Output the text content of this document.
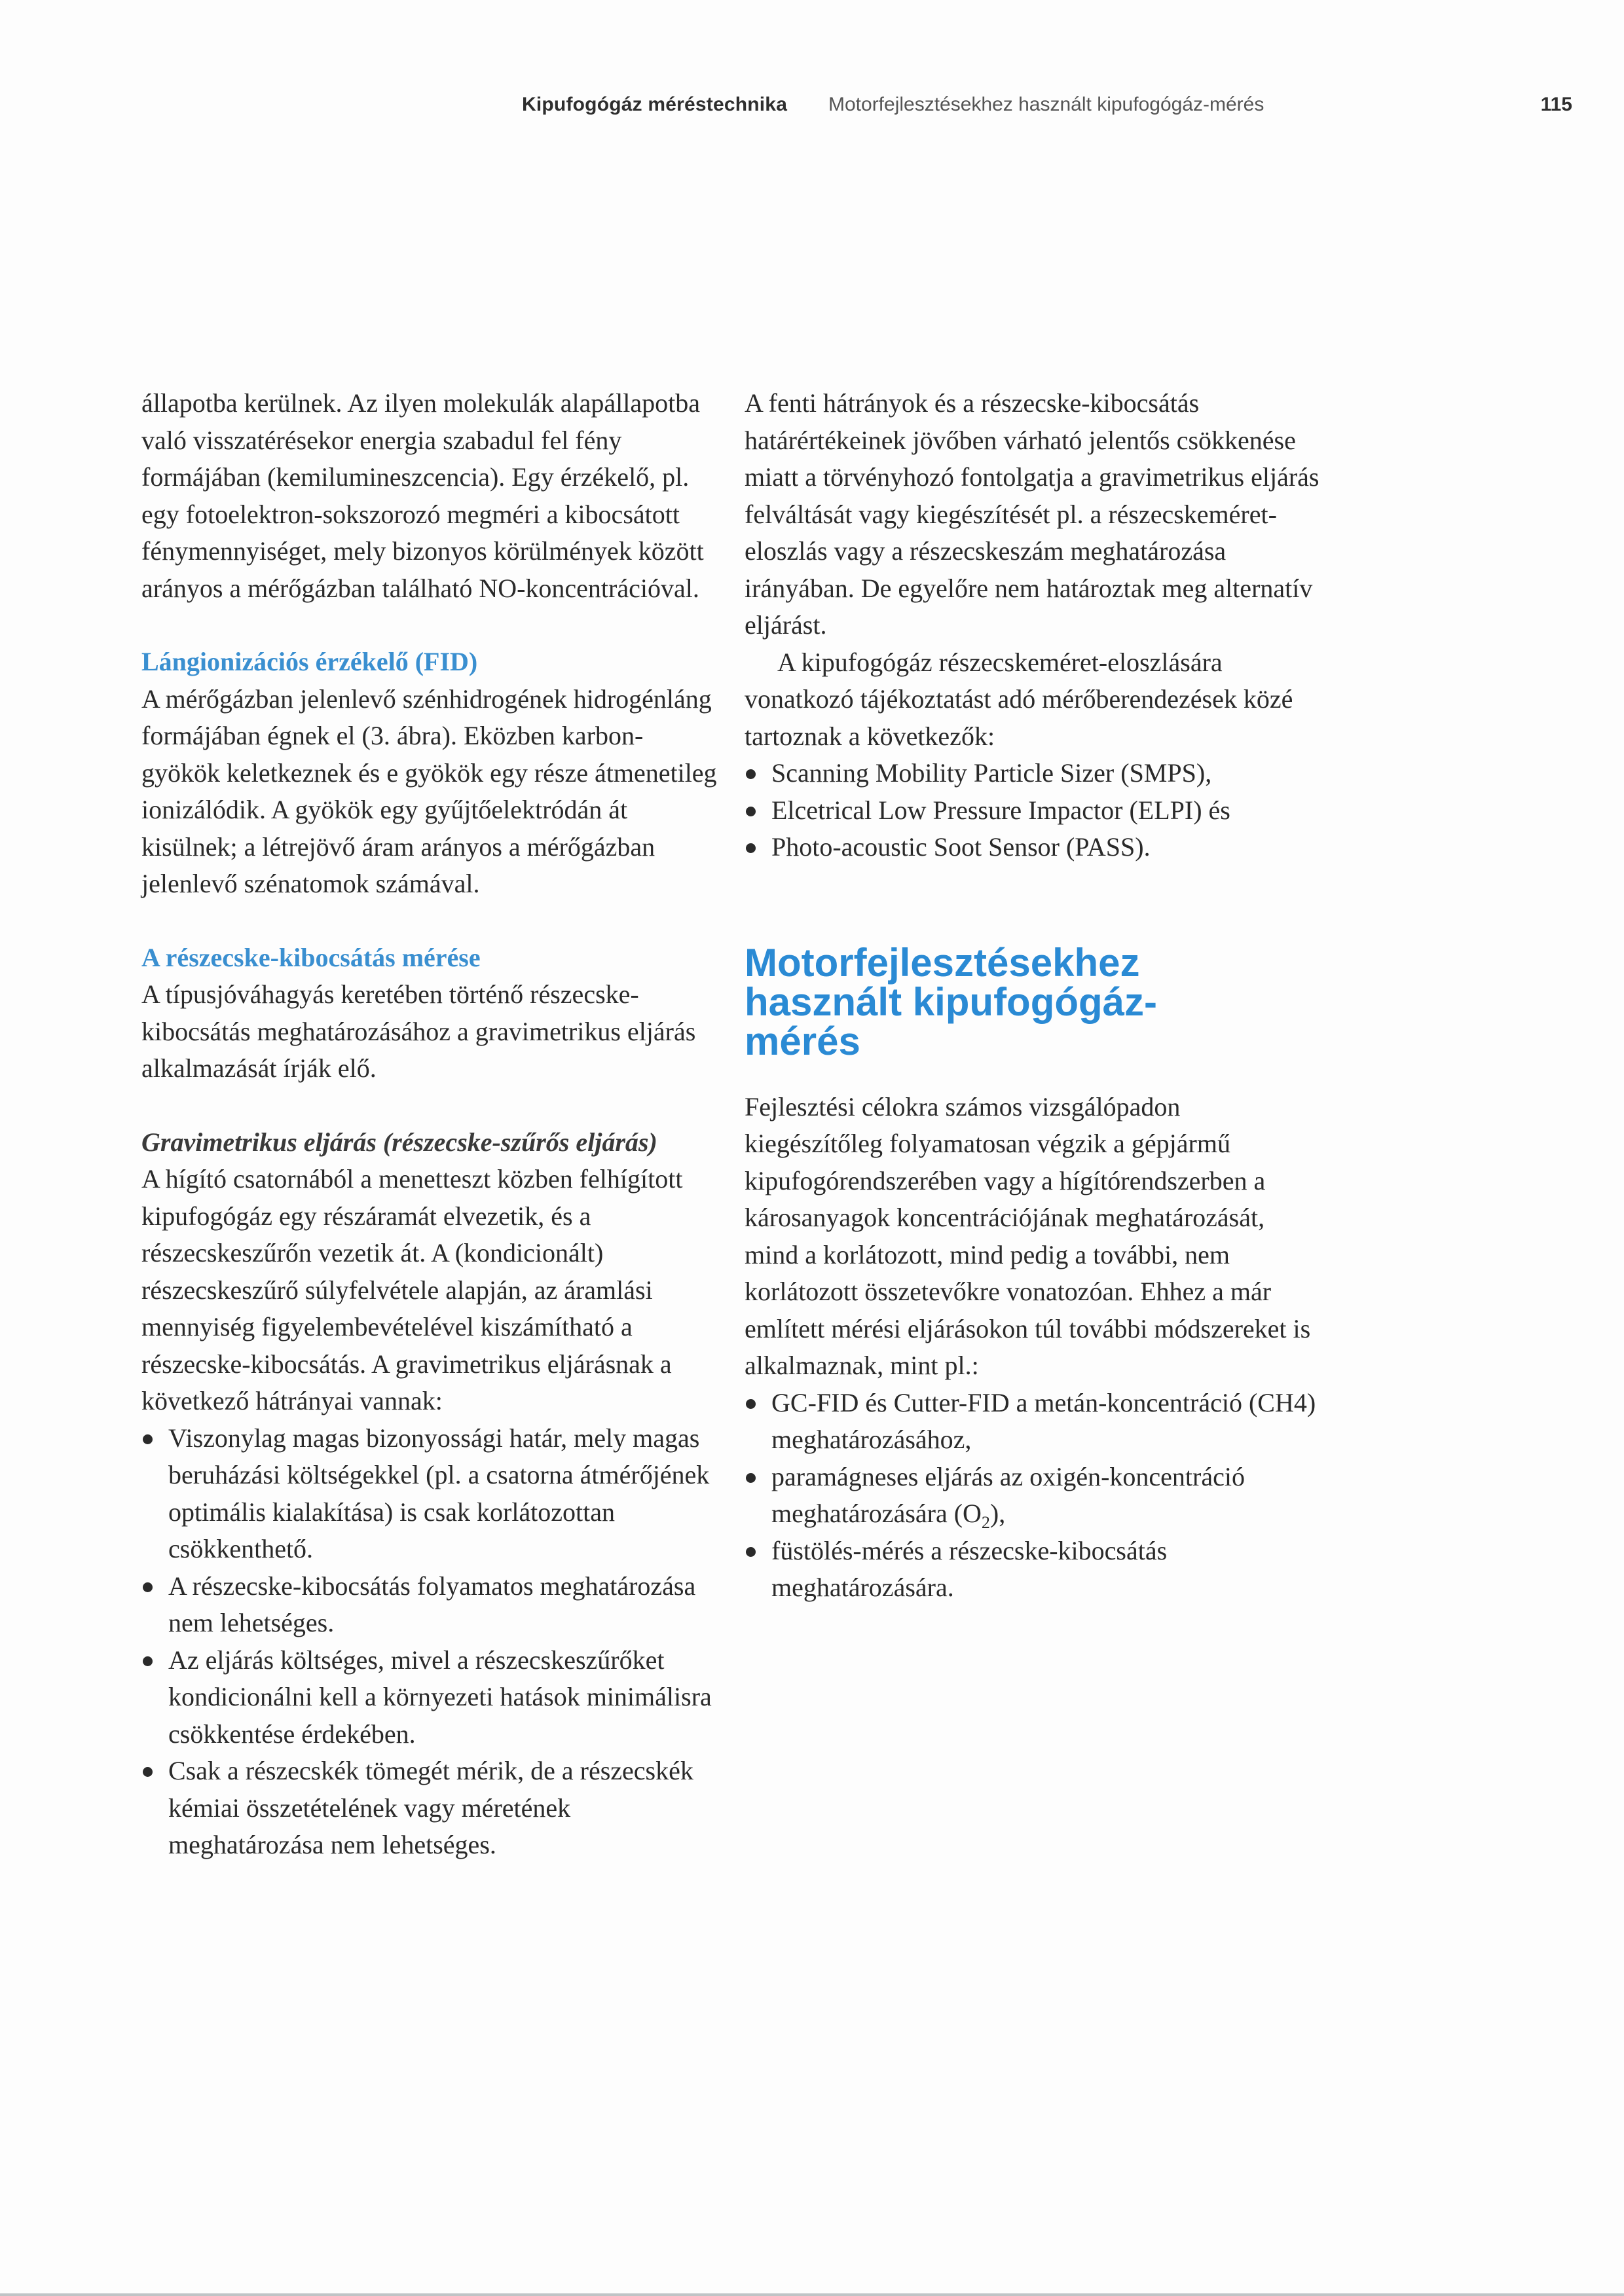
Kipufogógáz méréstechnika Motorfejlesztésekhez használt kipufogógáz-mérés	115

állapotba kerülnek. Az ilyen molekulák alapállapotba való visszatérésekor energia szabadul fel fény formájában (kemilumineszcencia). Egy érzékelő, pl. egy fotoelektron-sokszorozó megméri a kibocsátott fénymennyiséget, mely bizonyos körülmények között arányos a mérőgázban található NO-koncentrációval.

Lángionizációs érzékelő (FID)

A mérőgázban jelenlevő szénhidrogének hidrogénláng formájában égnek el (3. ábra). Eközben karbon-gyökök keletkeznek és e gyökök egy része átmenetileg ionizálódik. A gyökök egy gyűjtőelektródán át kisülnek; a létrejövő áram arányos a mérőgázban jelenlevő szénatomok számával.

A részecske-kibocsátás mérése

A típusjóváhagyás keretében történő részecske-kibocsátás meghatározásához a gravimetrikus eljárás alkalmazását írják elő.

Gravimetrikus eljárás (részecske-szűrős eljárás)

A hígító csatornából a menetteszt közben felhígított kipufogógáz egy részáramát elvezetik, és a részecskeszűrőn vezetik át. A (kondicionált) részecskeszűrő súlyfelvétele alapján, az áramlási mennyiség figyelembevételével kiszámítható a részecske-kibocsátás. A gravimetrikus eljárásnak a következő hátrányai vannak:

Viszonylag magas bizonyossági határ, mely magas beruházási költségekkel (pl. a csatorna átmérőjének optimális kialakítása) is csak korlátozottan csökkenthető.
A részecske-kibocsátás folyamatos meghatározása nem lehetséges.
Az eljárás költséges, mivel a részecskeszűrőket kondicionálni kell a környezeti hatások minimálisra csökkentése érdekében.
Csak a részecskék tömegét mérik, de a részecskék kémiai összetételének vagy méretének meghatározása nem lehetséges.

A fenti hátrányok és a részecske-kibocsátás határértékeinek jövőben várható jelentős csökkenése miatt a törvényhozó fontolgatja a gravimetrikus eljárás felváltását vagy kiegészítését pl. a részecskeméret-eloszlás vagy a részecskeszám meghatározása irányában. De egyelőre nem határoztak meg alternatív eljárást.

A kipufogógáz részecskeméret-eloszlására vonatkozó tájékoztatást adó mérőberendezések közé tartoznak a következők:

Scanning Mobility Particle Sizer (SMPS),
Elcetrical Low Pressure Impactor (ELPI) és
Photo-acoustic Soot Sensor (PASS).
Motorfejlesztésekhez használt kipufogógáz-mérés

Fejlesztési célokra számos vizsgálópadon kiegészítőleg folyamatosan végzik a gépjármű kipufogórendszerében vagy a hígítórendszerben a károsanyagok koncentrációjának meghatározását, mind a korlátozott, mind pedig a további, nem korlátozott összetevőkre vonatozóan. Ehhez a már említett mérési eljárásokon túl további módszereket is alkalmaznak, mint pl.:

GC-FID és Cutter-FID a metán-koncentráció (CH4) meghatározásához,
paramágneses eljárás az oxigén-koncentráció meghatározására $(O_2)$,
füstölés-mérés a részecske-kibocsátás meghatározására.
